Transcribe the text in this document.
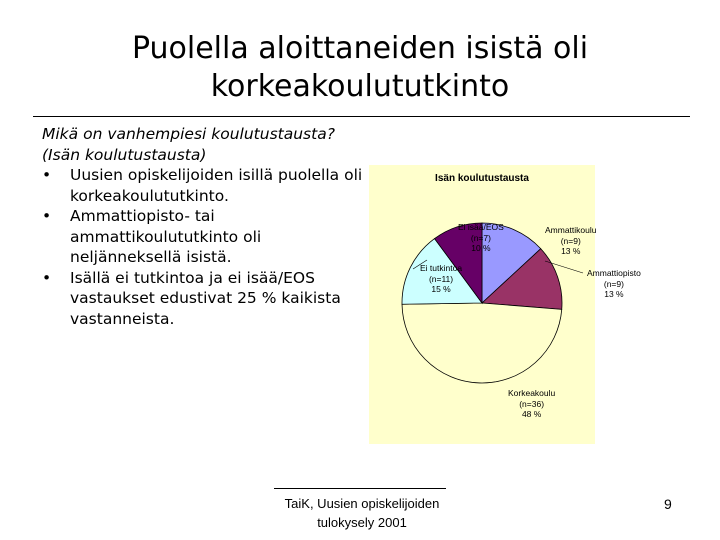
Puolella aloittaneiden isistä oli
korkeakoulututkinto
Mikä on vanhempiesi koulutustausta?
(Isän koulutustausta)
• Uusien opiskelijoiden isillä puolella oli korkeakoulututkinto.
• Ammattiopisto- tai ammattikoulututkinto oli neljänneksellä isistä.
• Isällä ei tutkintoa ja ei isää/EOS vastaukset edustivat 25 % kaikista vastanneista.
Isän koulutustausta
Ammattikoulu
(n=9)
13 %
Ammattiopisto
(n=9)
13 %
Korkeakoulu
(n=36)
48 %
Ei tutkintoa
(n=11)
15 %
Ei isää/EOS
(n=7)
10 %
TaiK, Uusien opiskelijoiden
tulokysely 2001
9
